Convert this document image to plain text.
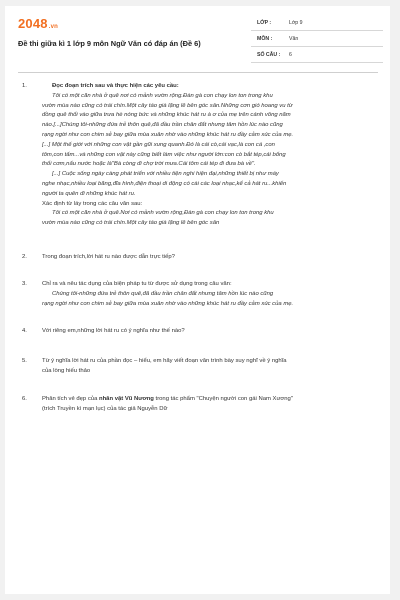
2048.vn
Đề thi giữa kì 1 lớp 9 môn Ngữ Văn có đáp án (Đề 6)
LỚP :	Lớp 9
MÔN :	Văn
SỐ CÂU : 6
1.	Đọc đoạn trích sau và thực hiện các yêu cầu:
Tôi có một căn nhà ở quê nơi có mảnh vườn rộng.Đàn gà con chạy lon ton trong khu
vườn mùa nào cũng có trái chín.Một cây táo già lặng lẽ bên góc sân.Những cơn gió hoang vu từ
đồng quê thổi vào giữa trưa hè nóng bức và những khúc hát ru à ơ của mẹ trên cánh võng năm
nào.[...]Chúng tôi-những đứa trẻ thôn quê,đã đầu trần chân đất nhưng tâm hồn lúc nào cũng
rạng ngời như con chim sẻ bay giữa mùa xuân nhờ vào những khúc hát ru đầy cảm xúc của mẹ.
[...] Một thế giới với những con vật gần gũi xung quanh.Đó là cái cò,cái vạc,là con cá ,con
tôm,con tấm...và những con vật này cũng biết làm việc như người lớn:con cò bắt tép,cái bống
thổi cơm,nấu nước hoặc là"Bà còng đi chợ trời mưa.Cái tôm cái tép đi đưa bà về".
[...] Cuộc sống ngày càng phát triển với nhiều tiện nghi hiện đại,những thiết bị như máy
nghe nhạc,nhiều loại băng,đĩa hình,điện thoại di động có cài các loại nhạc,kể cả hát ru...khiến
người ta quên đi những khúc hát ru.
Xác định từ láy trong các câu văn sau:
Tôi có một căn nhà ở quê.Nơi có mảnh vườn rộng,Đàn gà con chạy lon ton trong khu
vườn mùa nào cũng có trái chín.Một cây táo già lặng lẽ bên góc sân
2.	Trong đoạn trích,lời hát ru nào được dẫn trực tiếp?
3.	Chỉ ra và nêu tác dụng của biện pháp tu từ được sử dụng trong câu văn:
Chúng tôi-những đứa trẻ thôn quê,đã đầu trần chân đất nhưng tâm hồn lúc nào cũng
rạng ngời như con chim sẻ bay giữa mùa xuân nhờ vào những khúc hát ru đầy cảm xúc của mẹ.
4.	Với riêng em,những lời hát ru có ý nghĩa như thế nào?
5.	Từ ý nghĩa lời hát ru của phần đọc – hiểu, em hãy viết đoạn văn trình bày suy nghĩ về ý nghĩa
của lòng hiếu thảo
6.	Phân tích vẻ đẹp của nhân vật Vũ Nương trong tác phẩm "Chuyện người con gái Nam Xương"
(trích Truyền kì mạn lục) của tác giả Nguyễn Dữ
